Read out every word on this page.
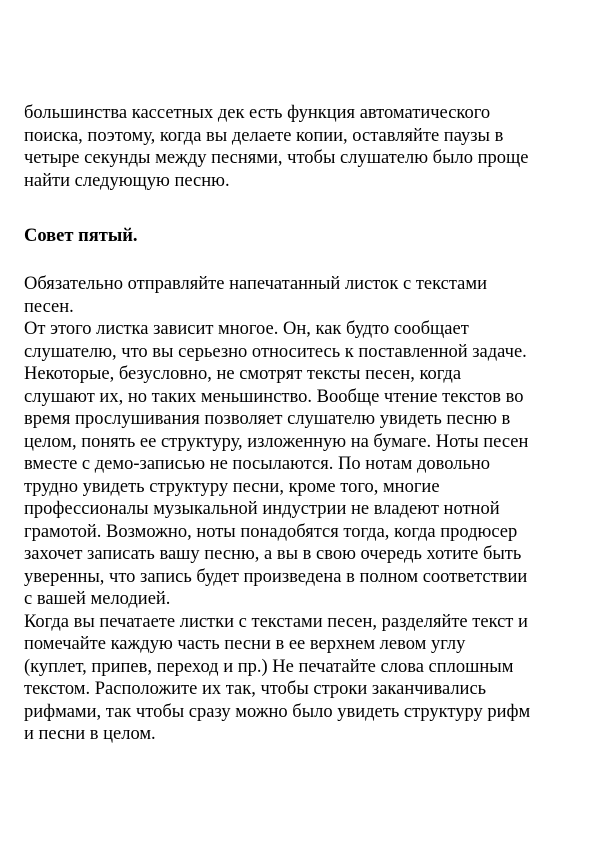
большинства кассетных дек есть функция автоматического
поиска, поэтому, когда вы делаете копии, оставляйте паузы в
четыре секунды между песнями, чтобы слушателю было проще
найти следующую песню.
Совет пятый.
Обязательно отправляйте напечатанный листок с текстами
песен.
От этого листка зависит многое. Он, как будто сообщает
слушателю, что вы серьезно относитесь к поставленной задаче.
Некоторые, безусловно, не смотрят тексты песен, когда
слушают их, но таких меньшинство. Вообще чтение текстов во
время прослушивания позволяет слушателю увидеть песню в
целом, понять ее структуру, изложенную на бумаге. Ноты песен
вместе с демо-записью не посылаются. По нотам довольно
трудно увидеть структуру песни, кроме того, многие
профессионалы музыкальной индустрии не владеют нотной
грамотой. Возможно, ноты понадобятся тогда, когда продюсер
захочет записать вашу песню, а вы в свою очередь хотите быть
уверенны, что запись будет произведена в полном соответствии
с вашей мелодией.
Когда вы печатаете листки с текстами песен, разделяйте текст и
помечайте каждую часть песни в ее верхнем левом углу
(куплет, припев, переход и пр.) Не печатайте слова сплошным
текстом. Расположите их так, чтобы строки заканчивались
рифмами, так чтобы сразу можно было увидеть структуру рифм
и песни в целом.
